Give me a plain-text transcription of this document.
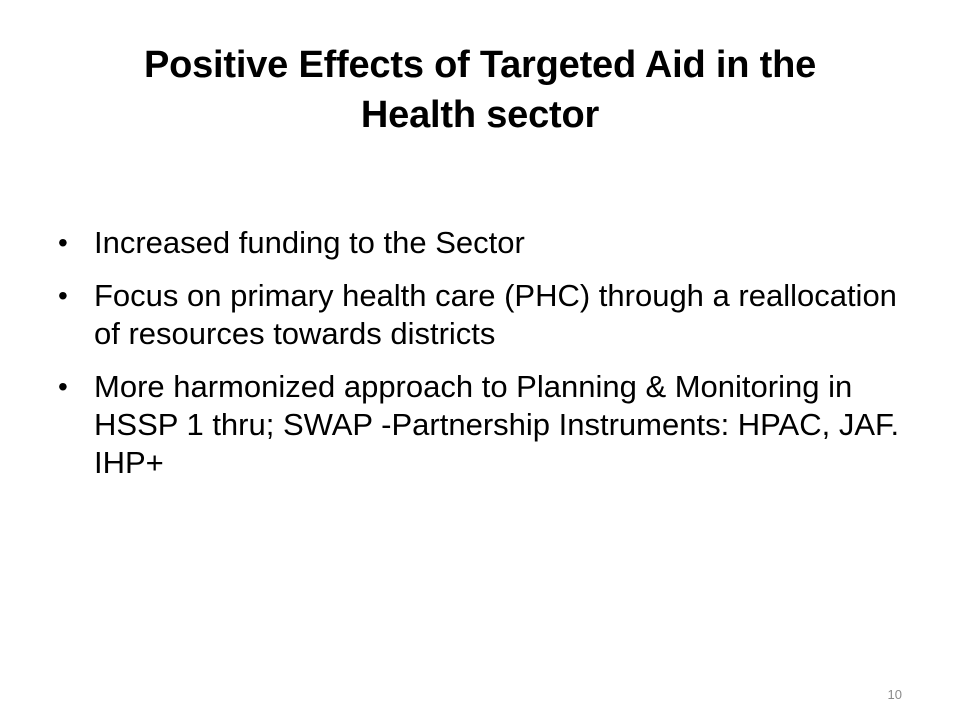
Positive Effects of Targeted Aid in the
Health sector
• Increased funding to the Sector
• Focus on primary health care (PHC) through a reallocation of resources towards districts
• More harmonized approach to Planning & Monitoring in HSSP 1 thru; SWAP -Partnership Instruments: HPAC, JAF. IHP+
10
